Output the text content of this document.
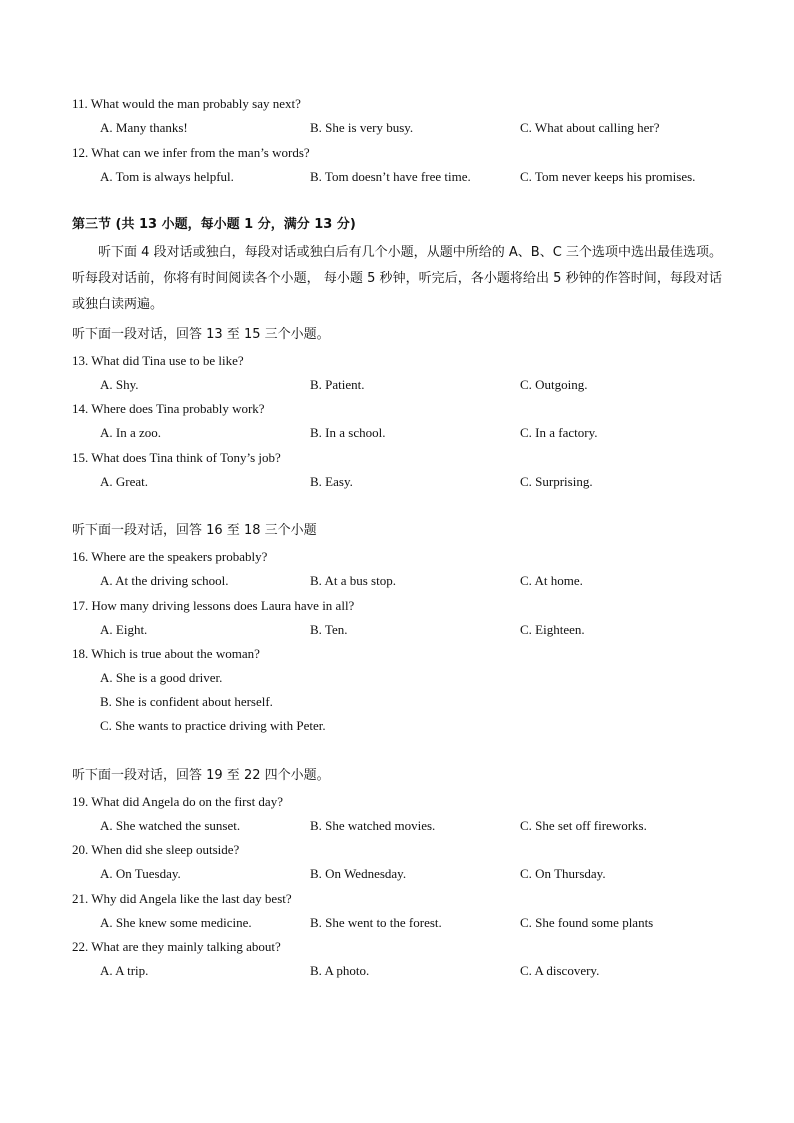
11. What would the man probably say next?
A. Many thanks!	B. She is very busy.	C. What about calling her?
12. What can we infer from the man’s words?
A. Tom is always helpful.	B. Tom doesn’t have free time.	C. Tom never keeps his promises.
第三节 (共 13 小题，每小题 1 分，满分 13 分)
听下面 4 段对话或独白，每段对话或独白后有几个小题，从题中所给的 A、B、C 三个选项中选出最佳选项。听每段对话前，你将有时间阅读各个小题， 每小题 5 秒钟，听完后，各小题将给出 5 秒钟的作答时间，每段对话或独白读两遍。
听下面一段对话，回答 13 至 15 三个小题。
13. What did Tina use to be like?
A. Shy.	B. Patient.	C. Outgoing.
14. Where does Tina probably work?
A. In a zoo.	B. In a school.	C. In a factory.
15. What does Tina think of Tony’s job?
A. Great.	B. Easy.	C. Surprising.
听下面一段对话，回答 16 至 18 三个小题
16. Where are the speakers probably?
A. At the driving school.	B. At a bus stop.	C. At home.
17. How many driving lessons does Laura have in all?
A. Eight.	B. Ten.	C. Eighteen.
18. Which is true about the woman?
A. She is a good driver.
B. She is confident about herself.
C. She wants to practice driving with Peter.
听下面一段对话，回答 19 至 22 四个小题。
19. What did Angela do on the first day?
A. She watched the sunset.	B. She watched movies.	C. She set off fireworks.
20. When did she sleep outside?
A. On Tuesday.	B. On Wednesday.	C. On Thursday.
21. Why did Angela like the last day best?
A. She knew some medicine.	B. She went to the forest.	C. She found some plants
22. What are they mainly talking about?
A. A trip.	B. A photo.	C. A discovery.
